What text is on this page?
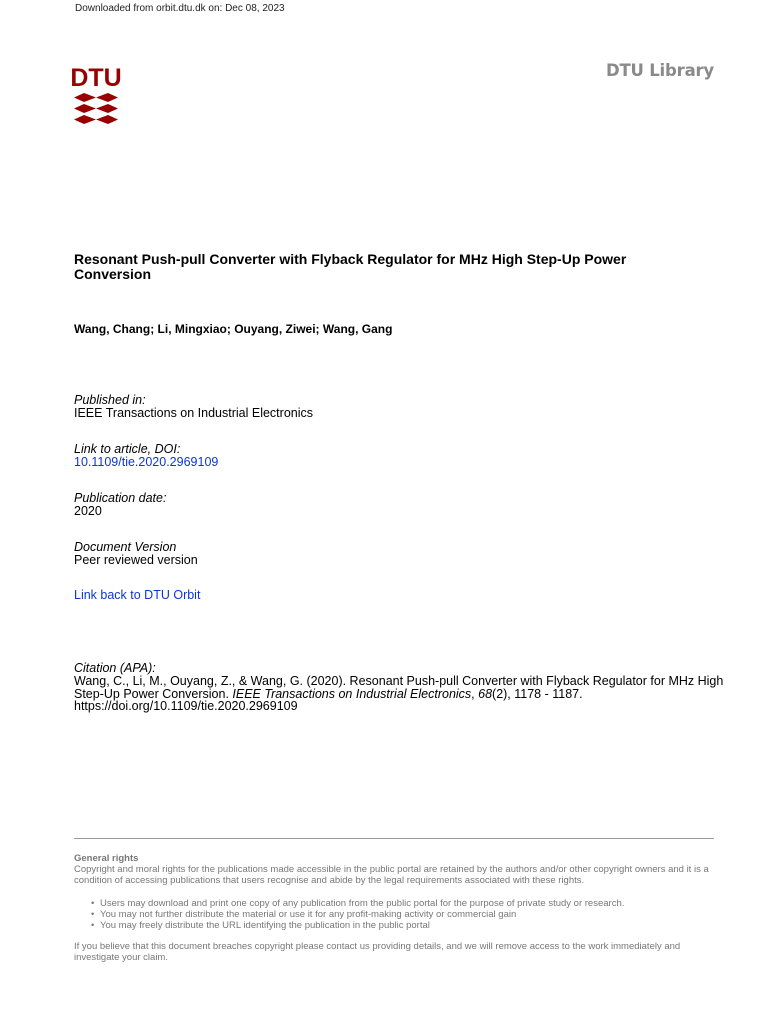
Downloaded from orbit.dtu.dk on: Dec 08, 2023
DTU	DTU Library
Resonant Push-pull Converter with Flyback Regulator for MHz High Step-Up Power Conversion
Wang, Chang; Li, Mingxiao; Ouyang, Ziwei; Wang, Gang
Published in:
IEEE Transactions on Industrial Electronics
Link to article, DOI:
10.1109/tie.2020.2969109
Publication date:
2020
Document Version
Peer reviewed version
Link back to DTU Orbit
Citation (APA):
Wang, C., Li, M., Ouyang, Z., & Wang, G. (2020). Resonant Push-pull Converter with Flyback Regulator for MHz High Step-Up Power Conversion. IEEE Transactions on Industrial Electronics, 68(2), 1178 - 1187.
https://doi.org/10.1109/tie.2020.2969109
General rights
Copyright and moral rights for the publications made accessible in the public portal are retained by the authors and/or other copyright owners and it is a condition of accessing publications that users recognise and abide by the legal requirements associated with these rights.
• Users may download and print one copy of any publication from the public portal for the purpose of private study or research.
• You may not further distribute the material or use it for any profit-making activity or commercial gain
• You may freely distribute the URL identifying the publication in the public portal
If you believe that this document breaches copyright please contact us providing details, and we will remove access to the work immediately and investigate your claim.
